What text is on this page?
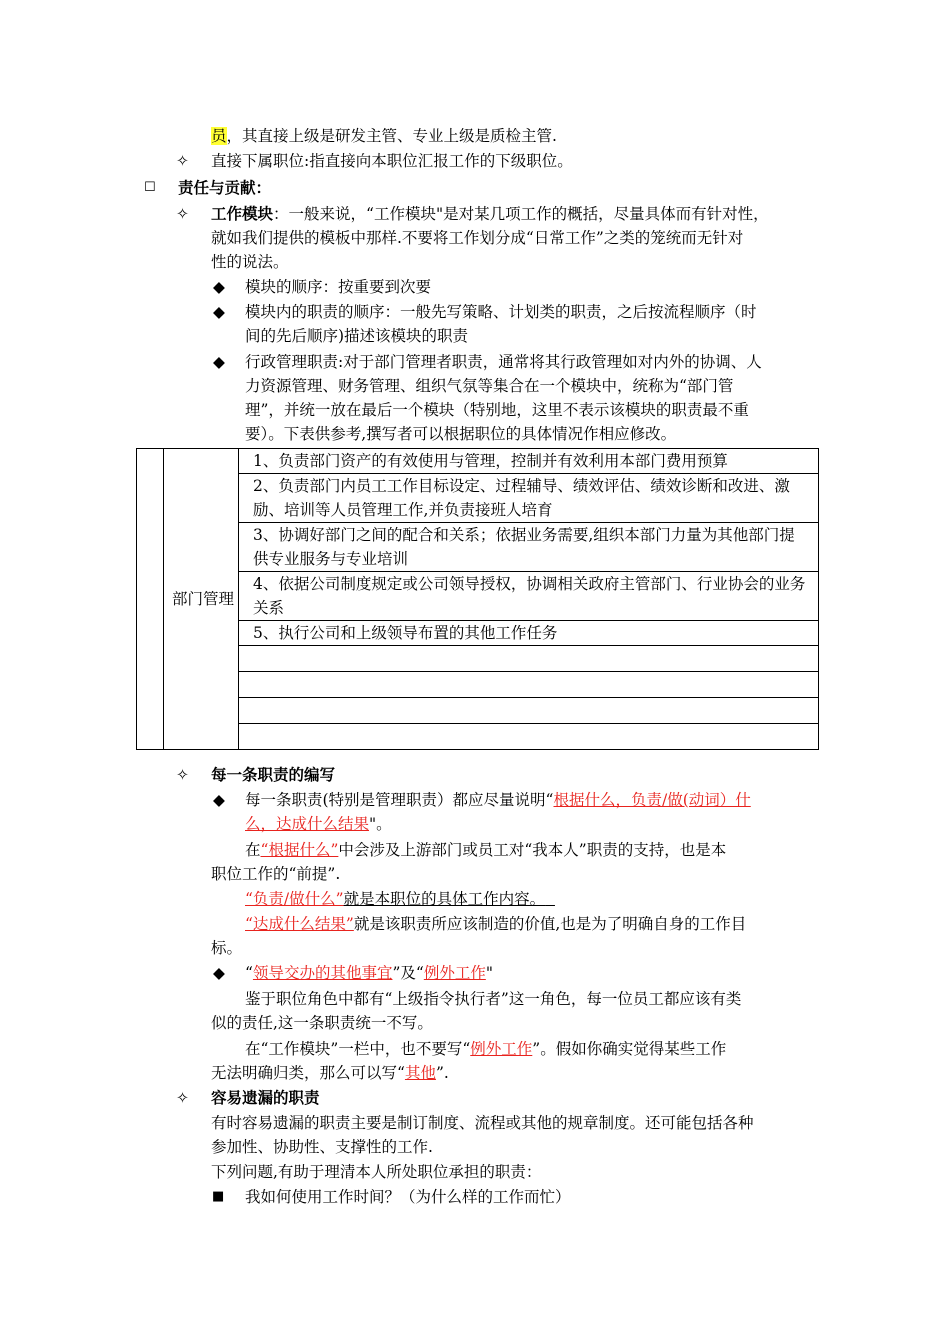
员，其直接上级是研发主管、专业上级是质检主管.
✧ 直接下属职位:指直接向本职位汇报工作的下级职位。
☐ 责任与贡献：
✧ 工作模块：一般来说，“工作模块"是对某几项工作的概括，尽量具体而有针对性，
就如我们提供的模板中那样.不要将工作划分成“日常工作”之类的笼统而无针对
性的说法。
◆ 模块的顺序：按重要到次要
◆ 模块内的职责的顺序：一般先写策略、计划类的职责，之后按流程顺序（时
间的先后顺序)描述该模块的职责
◆ 行政管理职责:对于部门管理者职责，通常将其行政管理如对内外的协调、人
力资源管理、财务管理、组织气氛等集合在一个模块中，统称为“部门管
理”，并统一放在最后一个模块（特别地，这里不表示该模块的职责最不重
要）。下表供参考,撰写者可以根据职位的具体情况作相应修改。
	部门管理	1、负责部门资产的有效使用与管理，控制并有效利用本部门费用预算
2、负责部门内员工工作目标设定、过程辅导、绩效评估、绩效诊断和改进、激励、培训等人员管理工作,并负责接班人培育
3、协调好部门之间的配合和关系；依据业务需要,组织本部门力量为其他部门提供专业服务与专业培训
4、依据公司制度规定或公司领导授权，协调相关政府主管部门、行业协会的业务关系
5、执行公司和上级领导布置的其他工作任务

✧ 每一条职责的编写
◆ 每一条职责(特别是管理职责）都应尽量说明“根据什么，负责/做(动词）什
么，达成什么结果"。
在“根据什么”中会涉及上游部门或员工对“我本人”职责的支持，也是本
职位工作的“前提”.
“负责/做什么”就是本职位的具体工作内容。
“达成什么结果”就是该职责所应该制造的价值,也是为了明确自身的工作目
标。
◆ “领导交办的其他事宜”及“例外工作"
鉴于职位角色中都有“上级指令执行者”这一角色，每一位员工都应该有类
似的责任,这一条职责统一不写。
在“工作模块”一栏中，也不要写“例外工作”。假如你确实觉得某些工作
无法明确归类，那么可以写“其他”.
✧ 容易遗漏的职责
有时容易遗漏的职责主要是制订制度、流程或其他的规章制度。还可能包括各种
参加性、协助性、支撑性的工作.
下列问题,有助于理清本人所处职位承担的职责：
■ 我如何使用工作时间？（为什么样的工作而忙）
